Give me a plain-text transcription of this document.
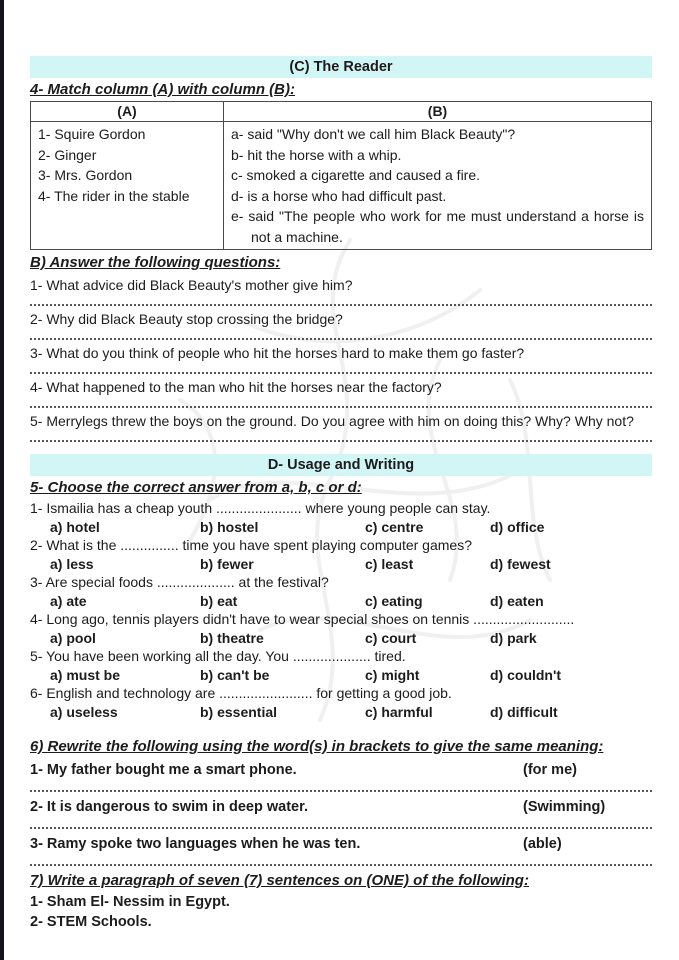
(C) The Reader
4- Match column (A) with column (B):
(A)	(B)

1- Squire Gordon
2- Ginger
3- Mrs. Gordon
4- The rider in the stable

a- said "Why don't we call him Black Beauty"?
b- hit the horse with a whip.
c- smoked a cigarette and caused a fire.
d- is a horse who had difficult past.
e- said "The people who work for me must understand a horse is not a machine.
B) Answer the following questions:
1- What advice did Black Beauty's mother give him?
2- Why did Black Beauty stop crossing the bridge?
3- What do you think of people who hit the horses hard to make them go faster?
4- What happened to the man who hit the horses near the factory?
5- Merrylegs threw the boys on the ground. Do you agree with him on doing this? Why? Why not?
D- Usage and Writing
5- Choose the correct answer from a, b, c or d:
1- Ismailia has a cheap youth ...................... where young people can stay.
a) hotel	b) hostel	c) centre	d) office
2- What is the ............... time you have spent playing computer games?
a) less	b) fewer	c) least	d) fewest
3- Are special foods .................... at the festival?
a) ate	b) eat	c) eating	d) eaten
4- Long ago, tennis players didn't have to wear special shoes on tennis ..........................
a) pool	b) theatre	c) court	d) park
5- You have been working all the day. You .................... tired.
a) must be	b) can't be	c) might	d) couldn't
6- English and technology are ........................ for getting a good job.
a) useless	b) essential	c) harmful	d) difficult
6) Rewrite the following using the word(s) in brackets to give the same meaning:
1- My father bought me a smart phone.	(for me)
2- It is dangerous to swim in deep water.	(Swimming)
3- Ramy spoke two languages when he was ten.	(able)
7) Write a paragraph of seven (7) sentences on (ONE) of the following:
1- Sham El- Nessim in Egypt.
2- STEM Schools.
